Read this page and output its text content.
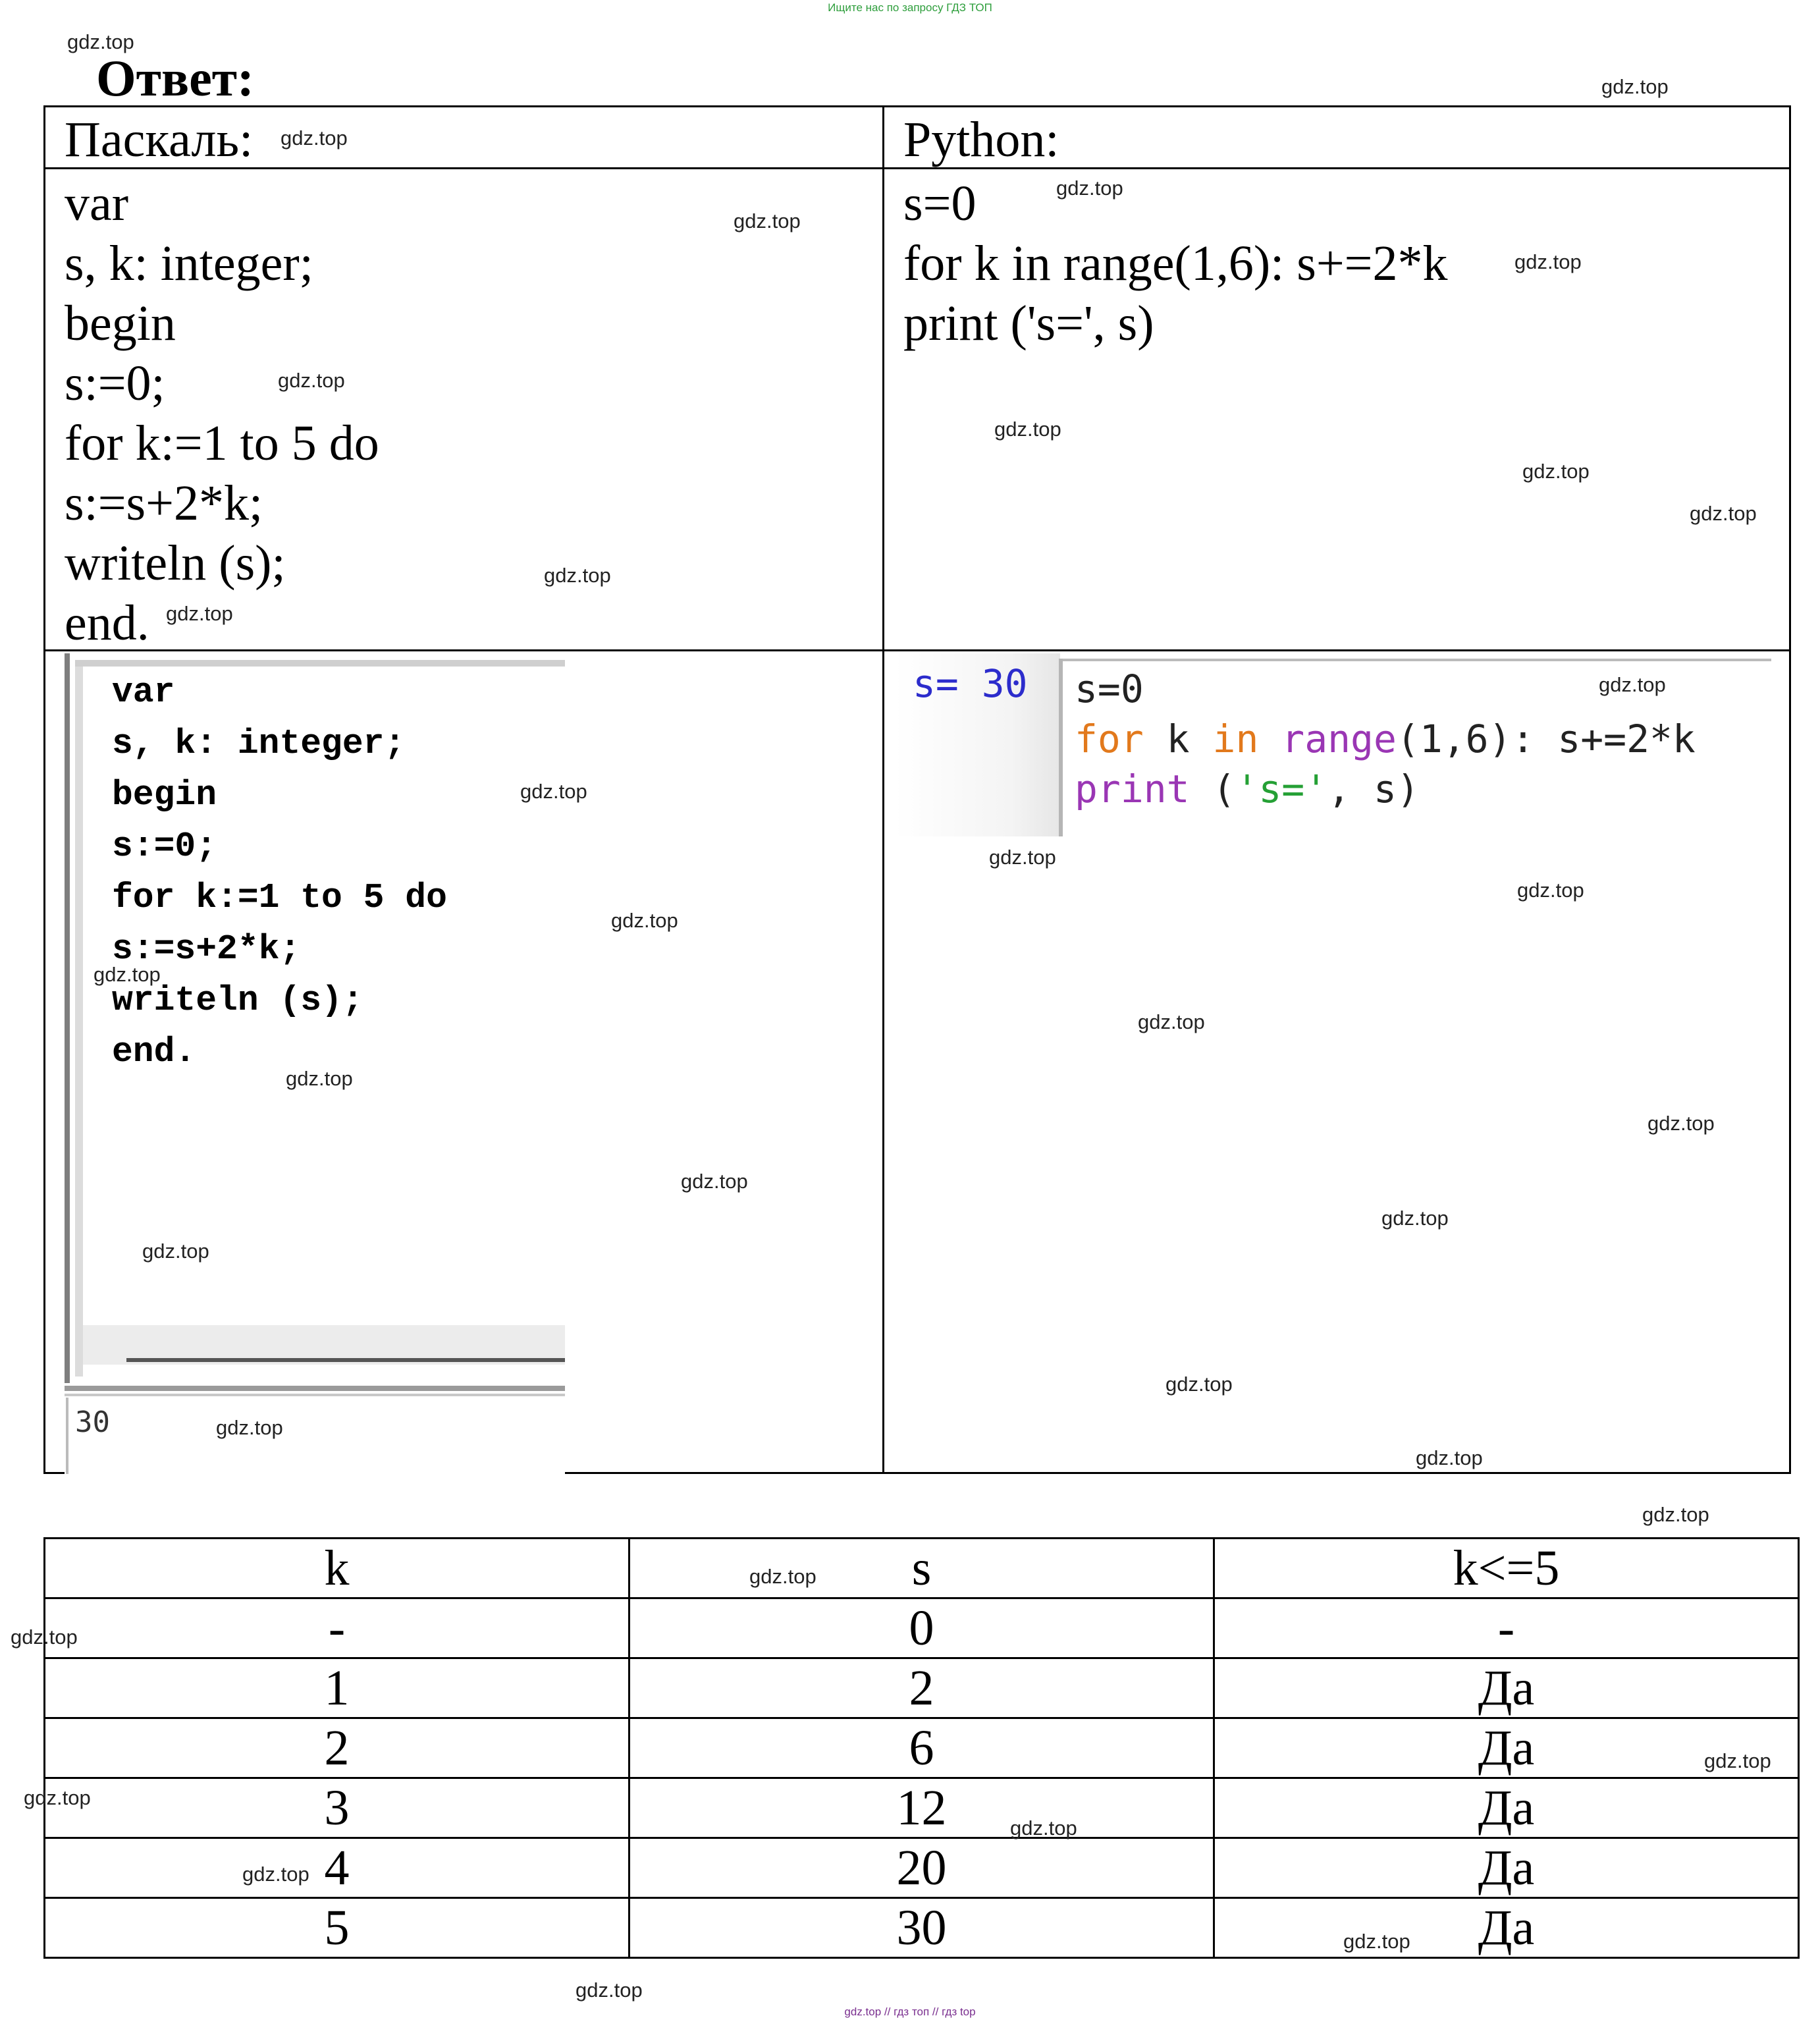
Ищите нас по запросу ГДЗ ТОП
Ответ:
Паскаль:	Python:
var
s, k: integer;
begin
s:=0;
for k:=1 to 5 do
s:=s+2*k;
writeln (s);
end.
s=0
for k in range(1,6): s+=2*k
print ('s=', s)
var
s, k: integer;
begin
s:=0;
for k:=1 to 5 do
s:=s+2*k;
writeln (s);
end.
30
s= 30 s=0
for k in range(1,6): s+=2*k
print ('s=', s)
k	s	k<=5
-	0	-
1	2	Да
2	6	Да
3	12	Да
4	20	Да
5	30	Да
gdz.top
gdz.top
gdz.top
gdz.top
gdz.top
gdz.top
gdz.top
gdz.top
gdz.top
gdz.top
gdz.top
gdz.top
gdz.top
gdz.top
gdz.top
gdz.top
gdz.top
gdz.top
gdz.top
gdz.top
gdz.top
gdz.top
gdz.top
gdz.top
gdz.top
gdz.top
gdz.top
gdz.top
gdz.top
gdz.top
gdz.top
gdz.top
gdz.top
gdz.top
gdz.top
gdz.top
gdz.top // гдз топ // гдз top
